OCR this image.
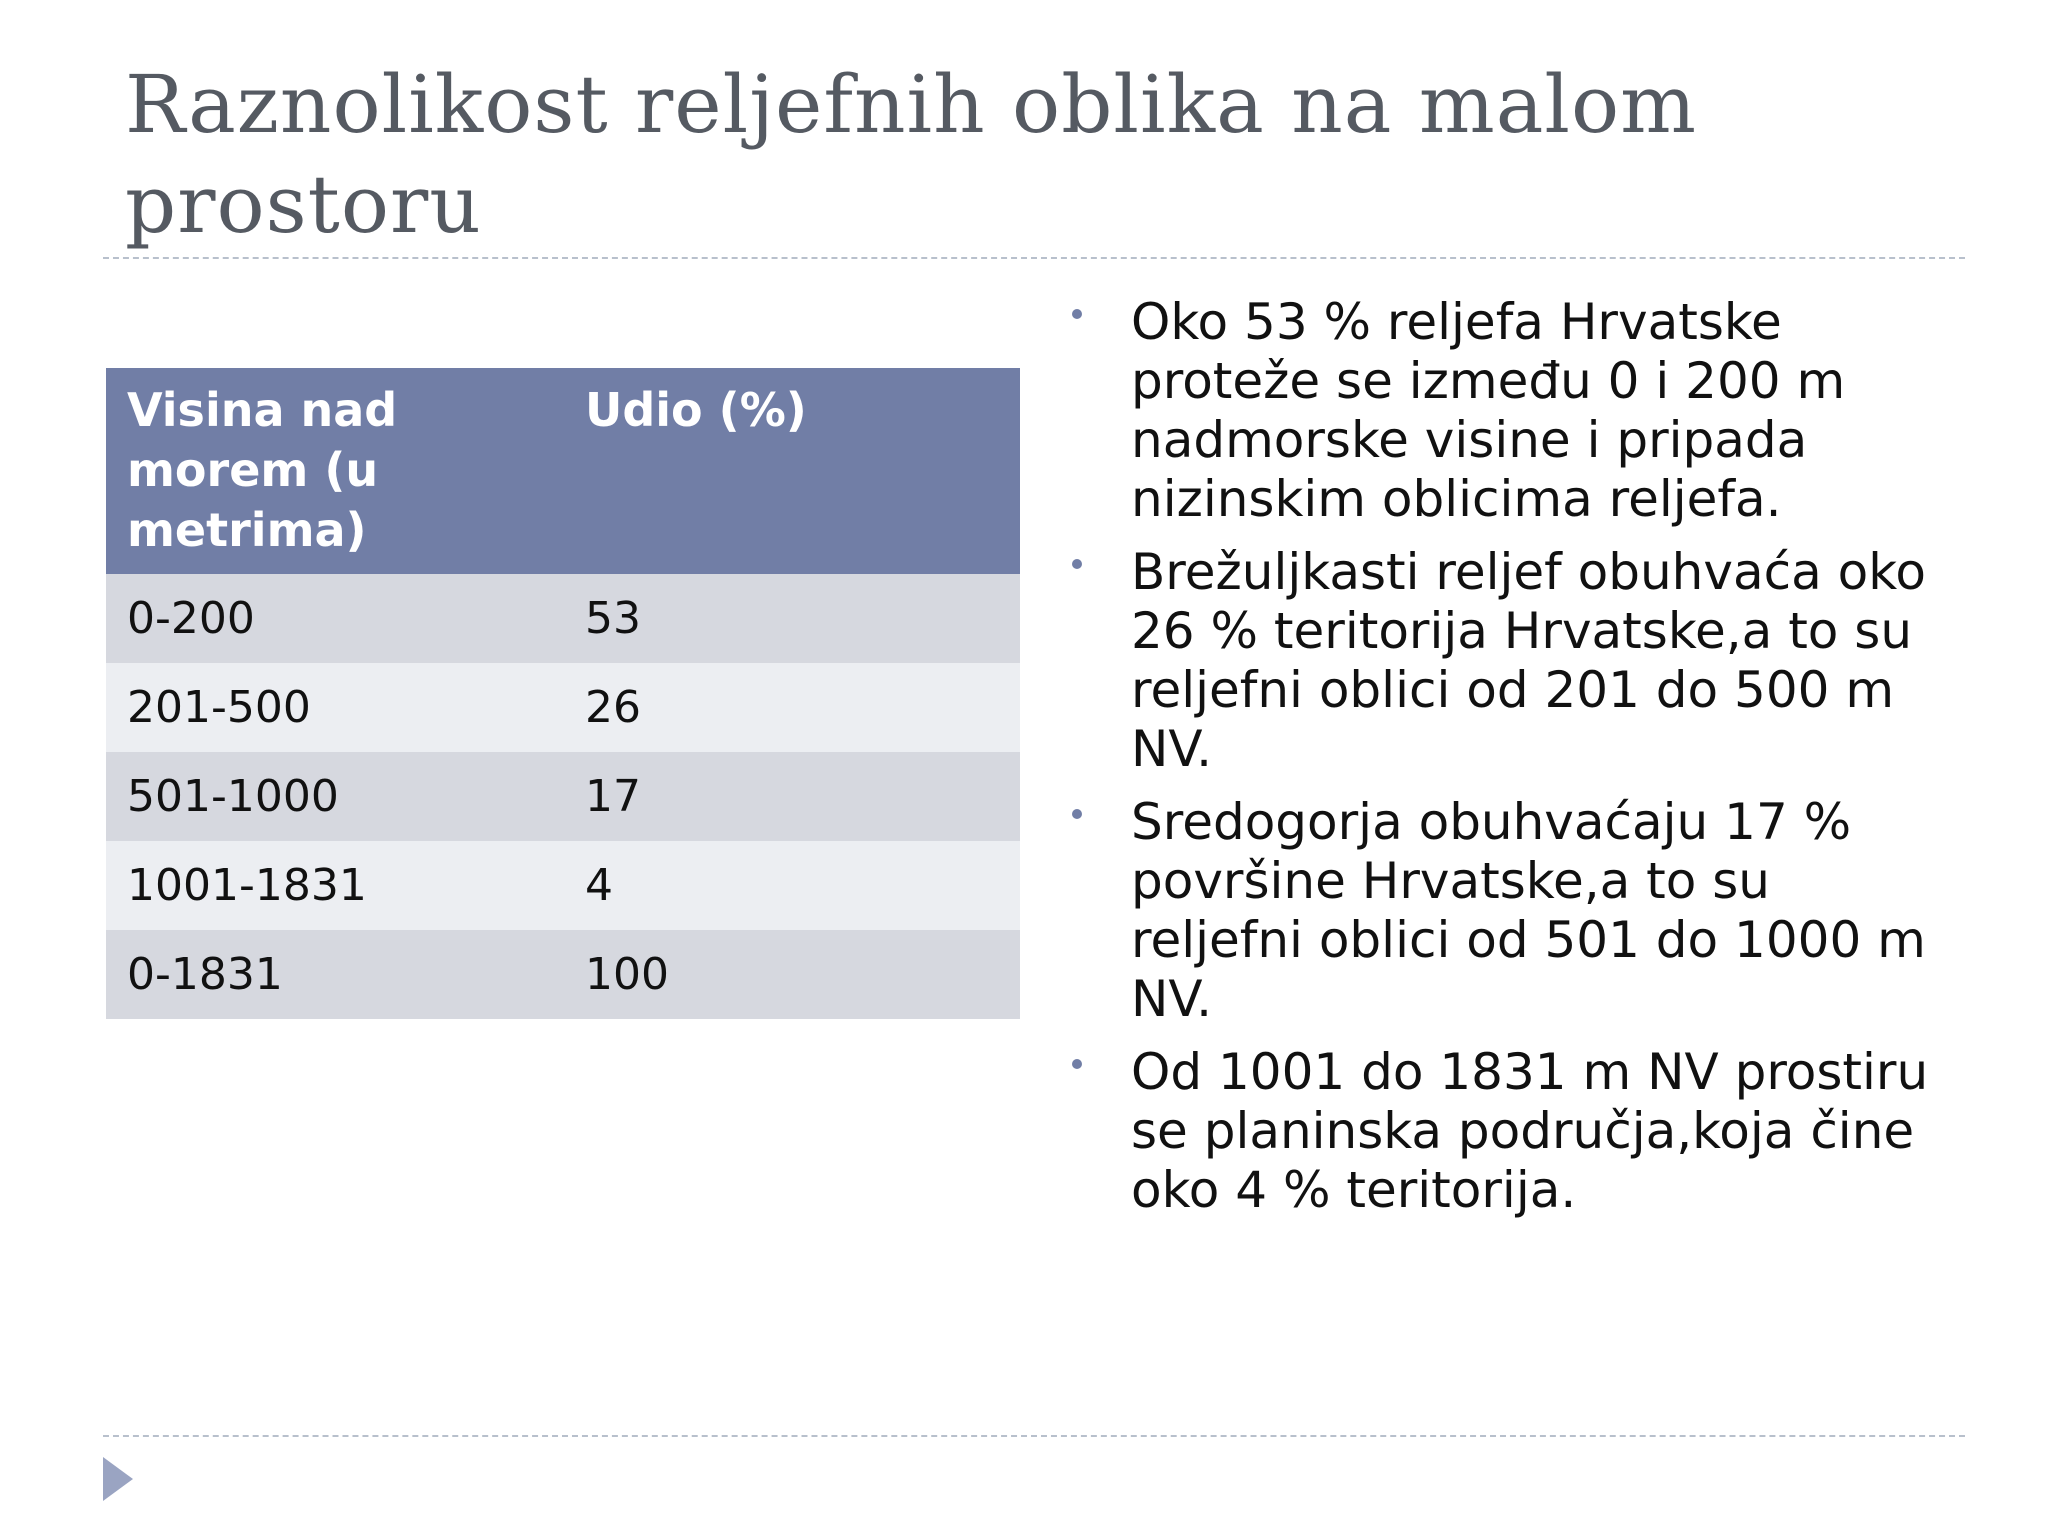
Raznolikost reljefnih oblika na malom prostoru
Visina nad morem (u metrima)	Udio (%)
0-200	53
201-500	26
501-1000	17
1001-1831	4
0-1831	100
Oko 53 % reljefa Hrvatske proteže se između 0 i 200 m nadmorske visine i pripada nizinskim oblicima reljefa.
Brežuljkasti reljef obuhvaća oko 26 % teritorija Hrvatske,a to su reljefni oblici od 201 do 500 m NV.
Sredogorja obuhvaćaju 17 % površine Hrvatske,a to su reljefni oblici od 501 do 1000 m NV.
Od 1001 do 1831 m NV prostiru se planinska područja,koja čine oko 4 % teritorija.
